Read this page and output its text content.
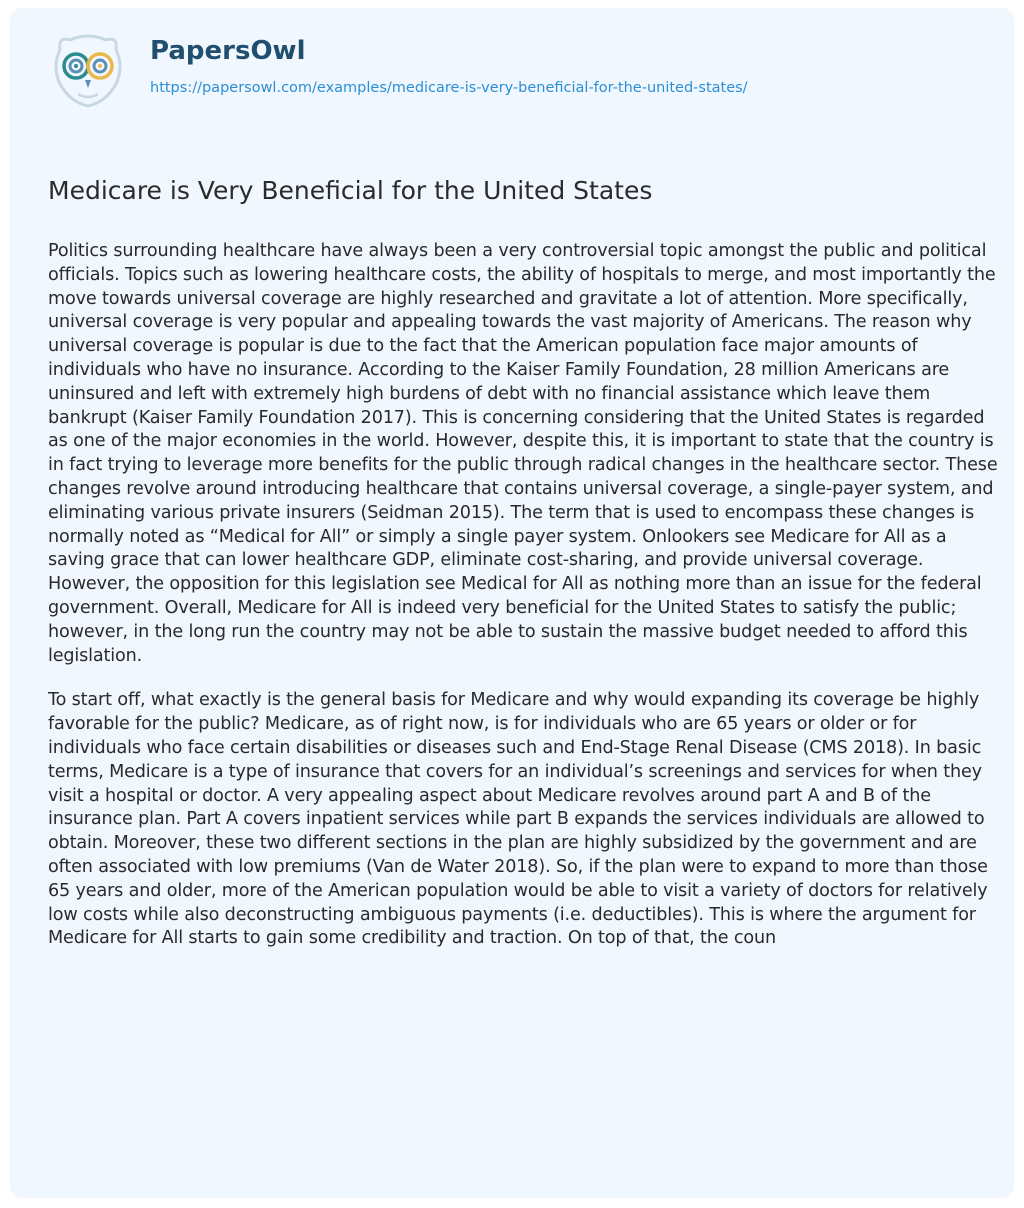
PapersOwl
https://papersowl.com/examples/medicare-is-very-beneficial-for-the-united-states/
Medicare is Very Beneficial for the United States

Politics surrounding healthcare have always been a very controversial topic amongst the public and political officials. Topics such as lowering healthcare costs, the ability of hospitals to merge, and most importantly the move towards universal coverage are highly researched and gravitate a lot of attention. More specifically, universal coverage is very popular and appealing towards the vast majority of Americans. The reason why universal coverage is popular is due to the fact that the American population face major amounts of individuals who have no insurance. According to the Kaiser Family Foundation, 28 million Americans are uninsured and left with extremely high burdens of debt with no financial assistance which leave them bankrupt (Kaiser Family Foundation 2017). This is concerning considering that the United States is regarded as one of the major economies in the world. However, despite this, it is important to state that the country is in fact trying to leverage more benefits for the public through radical changes in the healthcare sector. These changes revolve around introducing healthcare that contains universal coverage, a single-payer system, and eliminating various private insurers (Seidman 2015). The term that is used to encompass these changes is normally noted as “Medical for All” or simply a single payer system. Onlookers see Medicare for All as a saving grace that can lower healthcare GDP, eliminate cost-sharing, and provide universal coverage. However, the opposition for this legislation see Medical for All as nothing more than an issue for the federal government. Overall, Medicare for All is indeed very beneficial for the United States to satisfy the public; however, in the long run the country may not be able to sustain the massive budget needed to afford this legislation.

To start off, what exactly is the general basis for Medicare and why would expanding its coverage be highly favorable for the public? Medicare, as of right now, is for individuals who are 65 years or older or for individuals who face certain disabilities or diseases such and End-Stage Renal Disease (CMS 2018). In basic terms, Medicare is a type of insurance that covers for an individual’s screenings and services for when they visit a hospital or doctor. A very appealing aspect about Medicare revolves around part A and B of the insurance plan. Part A covers inpatient services while part B expands the services individuals are allowed to obtain. Moreover, these two different sections in the plan are highly subsidized by the government and are often associated with low premiums (Van de Water 2018). So, if the plan were to expand to more than those 65 years and older, more of the American population would be able to visit a variety of doctors for relatively low costs while also deconstructing ambiguous payments (i.e. deductibles). This is where the argument for Medicare for All starts to gain some credibility and traction. On top of that, the coun
